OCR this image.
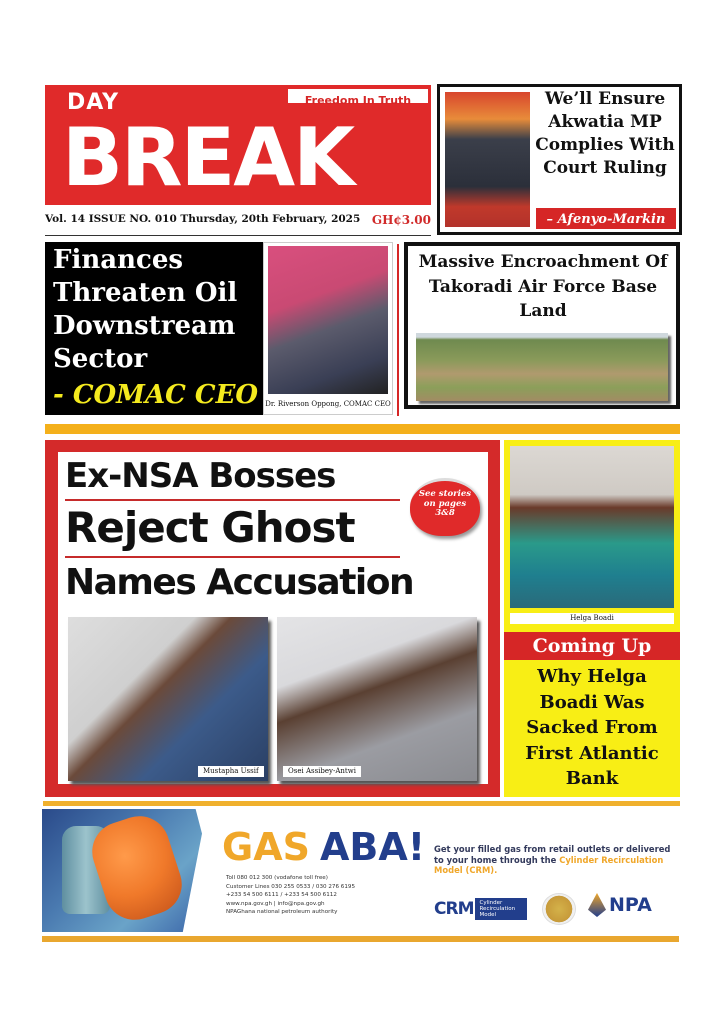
Freedom In Truth
DAY
BREAK
Vol. 14 ISSUE NO. 010 Thursday, 20th February, 2025 GH¢3.00
We’ll Ensure Akwatia MP Complies With Court Ruling
– Afenyo-Markin
Finances Threaten Oil Downstream Sector
- COMAC CEO Dr. Riverson Oppong, COMAC CEO
Massive Encroachment Of Takoradi Air Force Base Land
Ex-NSA Bosses
Reject Ghost
Names Accusation
See stories on pages 3&8
Mustapha Ussif	Osei Assibey-Antwi
Helga Boadi
Coming Up
Why Helga Boadi Was Sacked From First Atlantic Bank
GAS ABA!
Toll 080 012 300 (vodafone toll free)
Customer Lines 030 255 0533 / 030 276 6195
+233 54 500 6111 / +233 54 500 6112
www.npa.gov.gh | info@npa.gov.gh
NPAGhana national petroleum authority
Get your filled gas from retail outlets or delivered to your home through the Cylinder Recirculation Model (CRM).
CRM	Cylinder Recirculation Model	NPA
